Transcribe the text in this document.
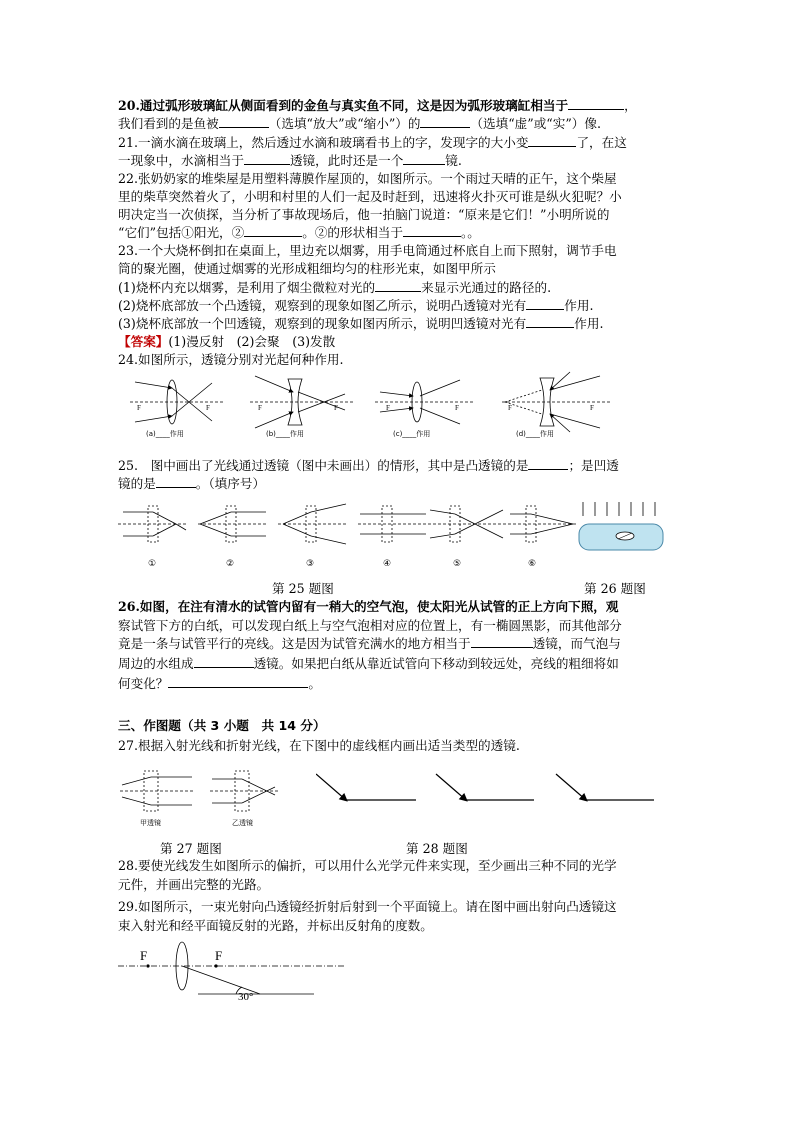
20.通过弧形玻璃缸从侧面看到的金鱼与真实鱼不同，这是因为弧形玻璃缸相当于	，
我们看到的是鱼被	（选填“放大”或“缩小”）的	（选填“虚”或“实”）像.
21.一滴水滴在玻璃上，然后透过水滴和玻璃看书上的字，发现字的大小变	了，在这
一现象中，水滴相当于	透镜，此时还是一个	镜.
22.张奶奶家的堆柴屋是用塑料薄膜作屋顶的，如图所示。一个雨过天晴的正午，这个柴屋
里的柴草突然着火了，小明和村里的人们一起及时赶到，迅速将火扑灭可谁是纵火犯呢？小
明决定当一次侦探，当分析了事故现场后，他一拍脑门说道：“原来是它们！”小明所说的
“它们”包括①阳光，②	。②的形状相当于	。。
23.一个大烧杯倒扣在桌面上，里边充以烟雾，用手电筒通过杯底自上而下照射，调节手电
筒的聚光圈，使通过烟雾的光形成粗细均匀的柱形光束，如图甲所示
(1)烧杯内充以烟雾，是利用了烟尘微粒对光的	来显示光通过的路径的.
(2)烧杯底部放一个凸透镜，观察到的现象如图乙所示，说明凸透镜对光有	作用.
(3)烧杯底部放一个凹透镜，观察到的现象如图丙所示，说明凹透镜对光有	作用.
【答案】(1)漫反射　(2)会聚　(3)发散
24.如图所示，透镜分别对光起何种作用.
F	F	F	F	F	F	F	F
(a)____作用	(b)____作用	(c)____作用	(d)____作用
25.　图中画出了光线通过透镜（图中未画出）的情形，其中是凸透镜的是	；是凹透
镜的是	。（填序号）
①	②	③	④	⑤	⑥
第 25 题图	第 26 题图
26.如图，在注有清水的试管内留有一稍大的空气泡，使太阳光从试管的正上方向下照，观
察试管下方的白纸，可以发现白纸上与空气泡相对应的位置上，有一椭圆黑影，而其他部分
竟是一条与试管平行的亮线。这是因为试管充满水的地方相当于	透镜，而气泡与
周边的水组成	透镜。如果把白纸从靠近试管向下移动到较远处，亮线的粗细将如
何变化？	。
三、作图题（共 3 小题　共 14 分）
27.根据入射光线和折射光线，在下图中的虚线框内画出适当类型的透镜.
甲透镜	乙透镜
第 27 题图	第 28 题图
28.要使光线发生如图所示的偏折，可以用什么光学元件来实现，至少画出三种不同的光学
元件，并画出完整的光路。
29.如图所示，一束光射向凸透镜经折射后射到一个平面镜上。请在图中画出射向凸透镜这
束入射光和经平面镜反射的光路，并标出反射角的度数。
F	F
30°
